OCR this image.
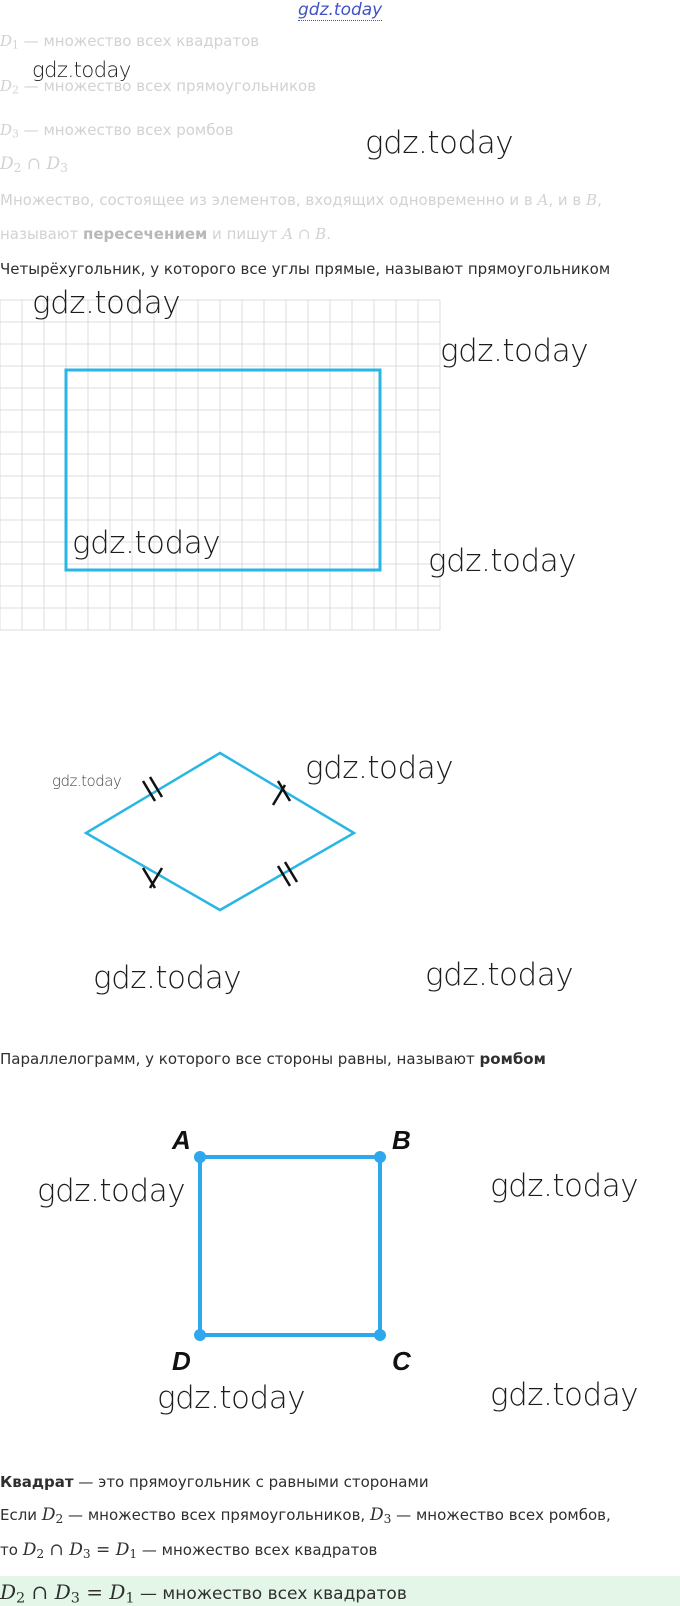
gdz.today
$D_1$ — множество всех квадратов
$D_2$ — множество всех прямоугольников
$D_3$ — множество всех ромбов
$D_2$ ∩ $D_3$
Множество, состоящее из элементов, входящих одновременно и в A, и в B,
называют пересечением и пишут A ∩ B.
Четырёхугольник, у которого все углы прямые, называют прямоугольником
Параллелограмм, у которого все стороны равны, называют ромбом
A	B
C
D
Квадрат — это прямоугольник с равными сторонами
Если $D_2$ — множество всех прямоугольников, $D_3$ — множество всех ромбов,
то $D_2$ ∩ $D_3 = D_1$ — множество всех квадратов
$D_2$ ∩ $D_3 = D_1$ — множество всех квадратов
gdz.today
gdz.today
gdz.today
gdz.today
gdz.today	gdz.today
gdz.today	gdz.today
gdz.today	gdz.today
gdz.today	gdz.today
gdz.today	gdz.today
